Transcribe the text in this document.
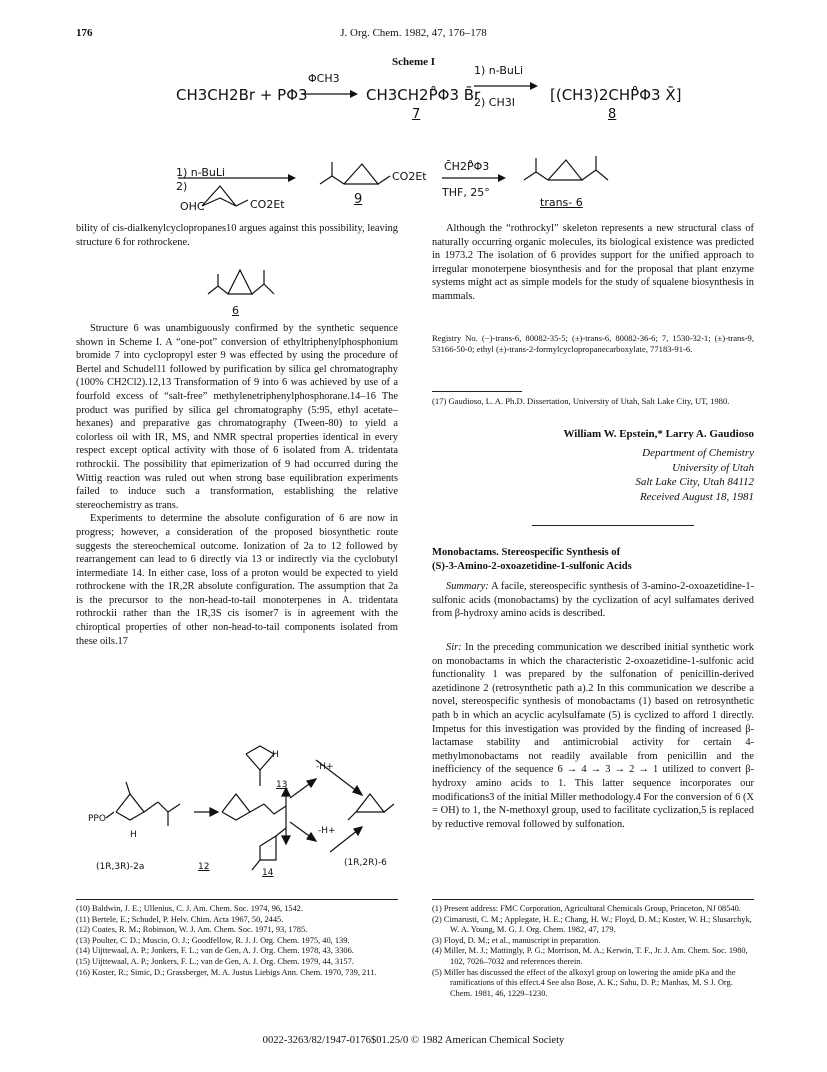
176	J. Org. Chem. 1982, 47, 176–178
Scheme I
CH3CH2Br + PΦ3
ΦCH3
→ CH3CH2P̊Φ3 B̄r
7
1) n-BuLi
2) CH3I [(CH3)2CHP̊Φ3 X̄]
8
1) n-BuLi
2)
OHC	CO2Et
CO2Et
9
C̄H2P̊Φ3
THF, 25°
trans- 6

bility of cis-dialkenylcyclopropanes10 argues against this possibility, leaving structure 6 for rothrockene.

6

Structure 6 was unambiguously confirmed by the synthetic sequence shown in Scheme I. A “one-pot” conversion of ethyltriphenylphosphonium bromide 7 into cyclopropyl ester 9 was effected by using the procedure of Bertel and Schudel11 followed by purification by silica gel chromatography (100% CH2Cl2).12,13 Transformation of 9 into 6 was achieved by use of a fourfold excess of “salt-free” methylenetriphenylphosphorane.14–16 The product was purified by silica gel chromatography (5:95, ethyl acetate–hexanes) and preparative gas chromatography (Tween-80) to yield a colorless oil with IR, MS, and NMR spectral properties identical in every respect except optical activity with those of 6 isolated from A. tridentata rothrockii. The possibility that epimerization of 9 had occurred during the Wittig reaction was ruled out when strong base equilibration experiments failed to induce such a transformation, establishing the relative stereochemistry as trans.

Experiments to determine the absolute configuration of 6 are now in progress; however, a consideration of the proposed biosynthetic route suggests the stereochemical outcome. Ionization of 2a to 12 followed by rearrangement can lead to 6 directly via 13 or indirectly via the cyclobutyl intermediate 14. In either case, loss of a proton would be expected to yield rothrockene with the 1R,2R absolute configuration. The assumption that 2a is the precursor to the non-head-to-tail monoterpenes in A. tridentata rothrockii rather than the 1R,3S cis isomer7 is in agreement with the chiroptical properties of other non-head-to-tail components isolated from these oils.17

PPO
(1R,3R)-2a	12
13
14
(1R,2R)-6
-H+
-H+
H
H

Although the “rothrockyl” skeleton represents a new structural class of naturally occurring organic molecules, its biological existence was predicted in 1973.2 The isolation of 6 provides support for the unified approach to irregular monoterpene biosynthesis and for the proposal that plant enzyme systems might act as simple models for the study of squalene biosynthesis in mammals.

Registry No. (−)-trans-6, 80082-35-5; (±)-trans-6, 80082-36-6; 7, 1530-32-1; (±)-trans-9, 53166-50-0; ethyl (±)-trans-2-formylcyclopropanecarboxylate, 77183-91-6.

(17) Gaudioso, L. A. Ph.D. Dissertation, University of Utah, Salt Lake City, UT, 1980.

William W. Epstein,* Larry A. Gaudioso
Department of Chemistry
University of Utah
Salt Lake City, Utah 84112
Received August 18, 1981
Monobactams. Stereospecific Synthesis of
(S)-3-Amino-2-oxoazetidine-1-sulfonic Acids

Summary: A facile, stereospecific synthesis of 3-amino-2-oxoazetidine-1-sulfonic acids (monobactams) by the cyclization of acyl sulfamates derived from β-hydroxy amino acids is described.

Sir: In the preceding communication we described initial synthetic work on monobactams in which the characteristic 2-oxoazetidine-1-sulfonic acid functionality 1 was prepared by the sulfonation of penicillin-derived azetidinone 2 (retrosynthetic path a).2 In this communication we describe a novel, stereospecific synthesis of monobactams (1) based on retrosynthetic path b in which an acyclic acylsulfamate (5) is cyclized to afford 1 directly. Impetus for this investigation was provided by the finding of increased β-lactamase stability and antimicrobial activity for certain 4-methylmonobactams not readily available from penicillin and the inefficiency of the sequence 6 → 4 → 3 → 2 → 1 utilized to convert β-hydroxy amino acids to 1. This latter sequence incorporates our modifications3 of the initial Miller methodology.4 For the conversion of 6 (X = OH) to 1, the N-methoxyl group, used to facilitate cyclization,5 is replaced by reductive removal followed by sulfonation.

(10) Baldwin, J. E.; Ullenius, C. J. Am. Chem. Soc. 1974, 96, 1542.

(11) Bertele, E.; Schudel, P. Helv. Chim. Acta 1967, 50, 2445.

(12) Coates, R. M.; Robinson, W. J. Am. Chem. Soc. 1971, 93, 1785.

(13) Poulter, C. D.; Muscio, O. J.; Goodfellow, R. J. J. Org. Chem. 1975, 40, 139.

(14) Uijttewaal, A. P.; Jonkers, F. L.; van de Gen, A. J. Org. Chem. 1978, 43, 3306.

(15) Uijttewaal, A. P.; Jonkers, F. L.; van de Gen, A. J. Org. Chem. 1979, 44, 3157.

(16) Koster, R.; Simic, D.; Grassberger, M. A. Justus Liebigs Ann. Chem. 1970, 739, 211.

(1) Present address: FMC Corporation, Agricultural Chemicals Group, Princeton, NJ 08540.

(2) Cimarusti, C. M.; Applegate, H. E.; Chang, H. W.; Floyd, D. M.; Koster, W. H.; Slusarchyk, W. A. Young, M. G. J. Org. Chem. 1982, 47, 179.

(3) Floyd, D. M.; et al., manuscript in preparation.

(4) Miller, M. J.; Mattingly, P. G.; Morrison, M. A.; Kerwin, T. F., Jr. J. Am. Chem. Soc. 1980, 102, 7026–7032 and references therein.

(5) Miller has discussed the effect of the alkoxyl group on lowering the amide pKa and the ramifications of this effect.4 See also Bose, A. K.; Sahu, D. P.; Manhas, M. S J. Org. Chem. 1981, 46, 1229–1230.

0022-3263/82/1947-0176$01.25/0 © 1982 American Chemical Society
